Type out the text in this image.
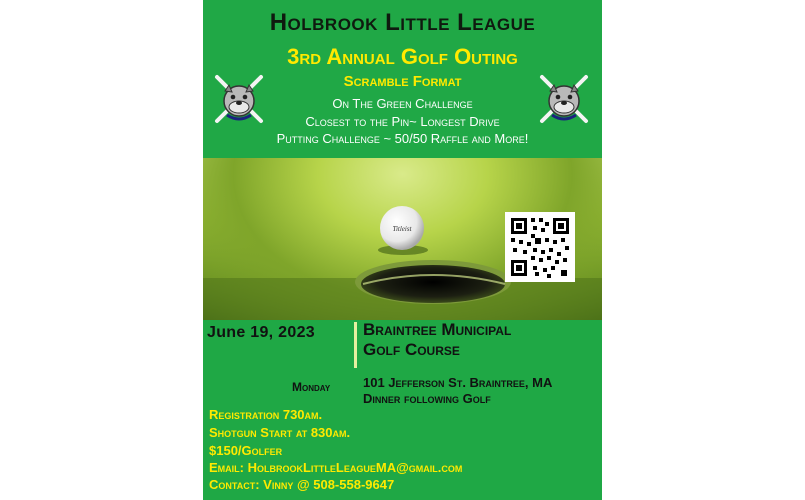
Holbrook Little League
3rd Annual Golf Outing
Scramble Format

On The Green Challenge

Closest to the Pin~ Longest Drive

Putting Challenge ~ 50/50 Raffle and More!

Titleist

June 19, 2023	Braintree Municipal

Golf Course

Monday	101 Jefferson St. Braintree, MA

Dinner following Golf

Registration 730am.

Shotgun Start at 830am.

$150/Golfer

Email: HolbrookLittleLeagueMA@gmail.com

Contact: Vinny @ 508-558-9647
